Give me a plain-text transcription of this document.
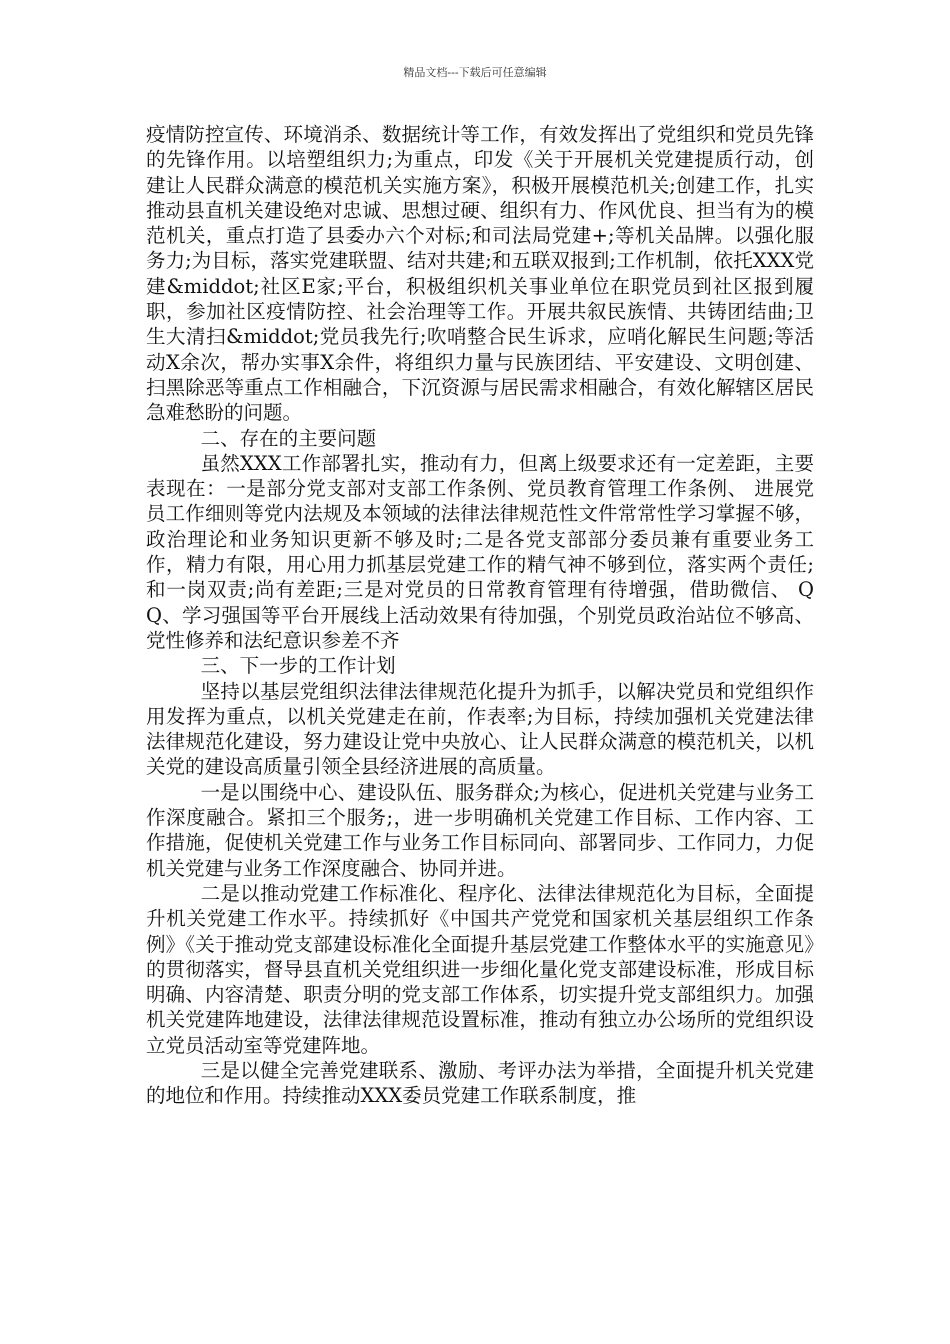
精品文档---下载后可任意编辑

疫情防控宣传、环境消杀、数据统计等工作，有效发挥出了党组织和党员先锋的先锋作用。以培塑组织力;为重点，印发《关于开展机关党建提质行动，创建让人民群众满意的模范机关实施方案》，积极开展模范机关;创建工作，扎实推动县直机关建设绝对忠诚、思想过硬、组织有力、作风优良、担当有为的模范机关，重点打造了县委办六个对标;和司法局党建+;等机关品牌。以强化服务力;为目标，落实党建联盟、结对共建;和五联双报到;工作机制，依托XXX党建&middot;社区E家;平台，积极组织机关事业单位在职党员到社区报到履职，参加社区疫情防控、社会治理等工作。开展共叙民族情、共铸团结曲;卫生大清扫&middot;党员我先行;吹哨整合民生诉求，应哨化解民生问题;等活动X余次，帮办实事X余件，将组织力量与民族团结、平安建设、文明创建、扫黑除恶等重点工作相融合，下沉资源与居民需求相融合，有效化解辖区居民急难愁盼的问题。

二、存在的主要问题

虽然XXX工作部署扎实，推动有力，但离上级要求还有一定差距，主要表现在：一是部分党支部对支部工作条例、党员教育管理工作条例、 进展党员工作细则等党内法规及本领域的法律法律规范性文件常常性学习掌握不够，政治理论和业务知识更新不够及时;二是各党支部部分委员兼有重要业务工作，精力有限，用心用力抓基层党建工作的精气神不够到位，落实两个责任;和一岗双责;尚有差距;三是对党员的日常教育管理有待增强，借助微信、 QQ、学习强国等平台开展线上活动效果有待加强，个别党员政治站位不够高、党性修养和法纪意识参差不齐

三、下一步的工作计划

坚持以基层党组织法律法律规范化提升为抓手，以解决党员和党组织作用发挥为重点，以机关党建走在前，作表率;为目标，持续加强机关党建法律法律规范化建设，努力建设让党中央放心、让人民群众满意的模范机关，以机关党的建设高质量引领全县经济进展的高质量。

一是以围绕中心、建设队伍、服务群众;为核心，促进机关党建与业务工作深度融合。紧扣三个服务;，进一步明确机关党建工作目标、工作内容、工作措施，促使机关党建工作与业务工作目标同向、部署同步、工作同力，力促机关党建与业务工作深度融合、协同并进。

二是以推动党建工作标准化、程序化、法律法律规范化为目标，全面提升机关党建工作水平。持续抓好《中国共产党党和国家机关基层组织工作条例》《关于推动党支部建设标准化全面提升基层党建工作整体水平的实施意见》的贯彻落实，督导县直机关党组织进一步细化量化党支部建设标准，形成目标明确、内容清楚、职责分明的党支部工作体系，切实提升党支部组织力。加强机关党建阵地建设，法律法律规范设置标准，推动有独立办公场所的党组织设立党员活动室等党建阵地。

三是以健全完善党建联系、激励、考评办法为举措，全面提升机关党建的地位和作用。持续推动XXX委员党建工作联系制度，推
